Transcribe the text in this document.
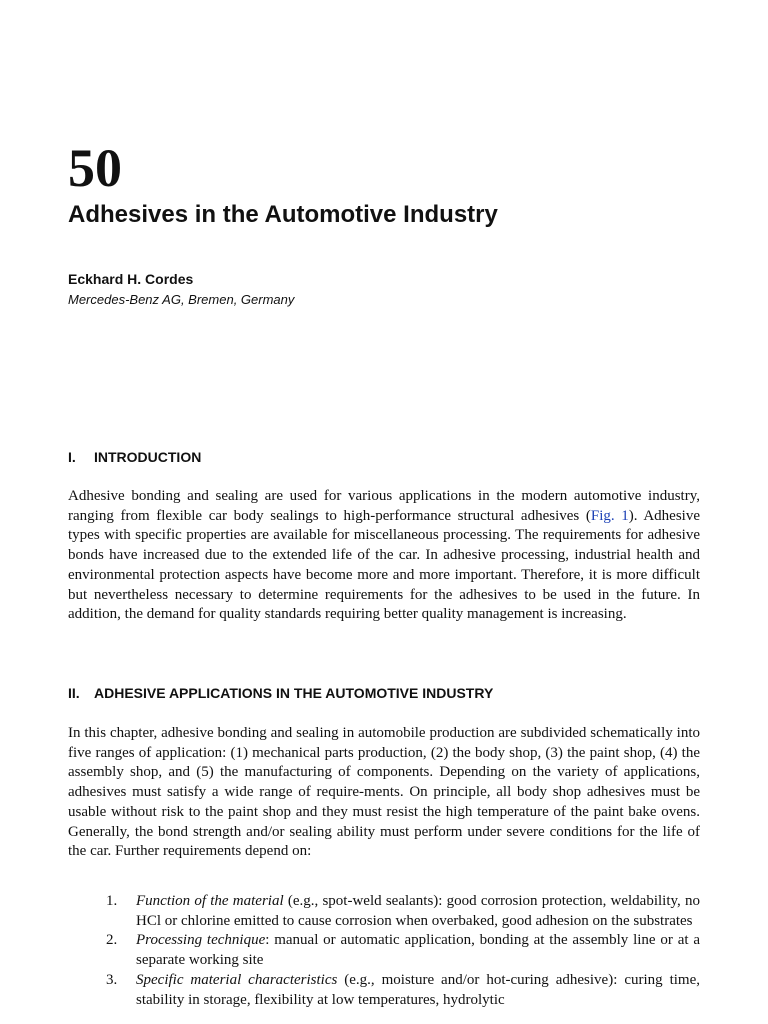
50
Adhesives in the Automotive Industry
Eckhard H. Cordes
Mercedes-Benz AG, Bremen, Germany
I. INTRODUCTION
Adhesive bonding and sealing are used for various applications in the modern automotive industry, ranging from flexible car body sealings to high-performance structural adhesives (Fig. 1). Adhesive types with specific properties are available for miscellaneous processing. The requirements for adhesive bonds have increased due to the extended life of the car. In adhesive processing, industrial health and environmental protection aspects have become more and more important. Therefore, it is more difficult but nevertheless necessary to determine requirements for the adhesives to be used in the future. In addition, the demand for quality standards requiring better quality management is increasing.
II. ADHESIVE APPLICATIONS IN THE AUTOMOTIVE INDUSTRY
In this chapter, adhesive bonding and sealing in automobile production are subdivided schematically into five ranges of application: (1) mechanical parts production, (2) the body shop, (3) the paint shop, (4) the assembly shop, and (5) the manufacturing of components. Depending on the variety of applications, adhesives must satisfy a wide range of require-ments. On principle, all body shop adhesives must be usable without risk to the paint shop and they must resist the high temperature of the paint bake ovens. Generally, the bond strength and/or sealing ability must perform under severe conditions for the life of the car. Further requirements depend on:
1. Function of the material (e.g., spot-weld sealants): good corrosion protection, weldability, no HCl or chlorine emitted to cause corrosion when overbaked, good adhesion on the substrates
2. Processing technique: manual or automatic application, bonding at the assembly line or at a separate working site
3. Specific material characteristics (e.g., moisture and/or hot-curing adhesive): curing time, stability in storage, flexibility at low temperatures, hydrolytic
